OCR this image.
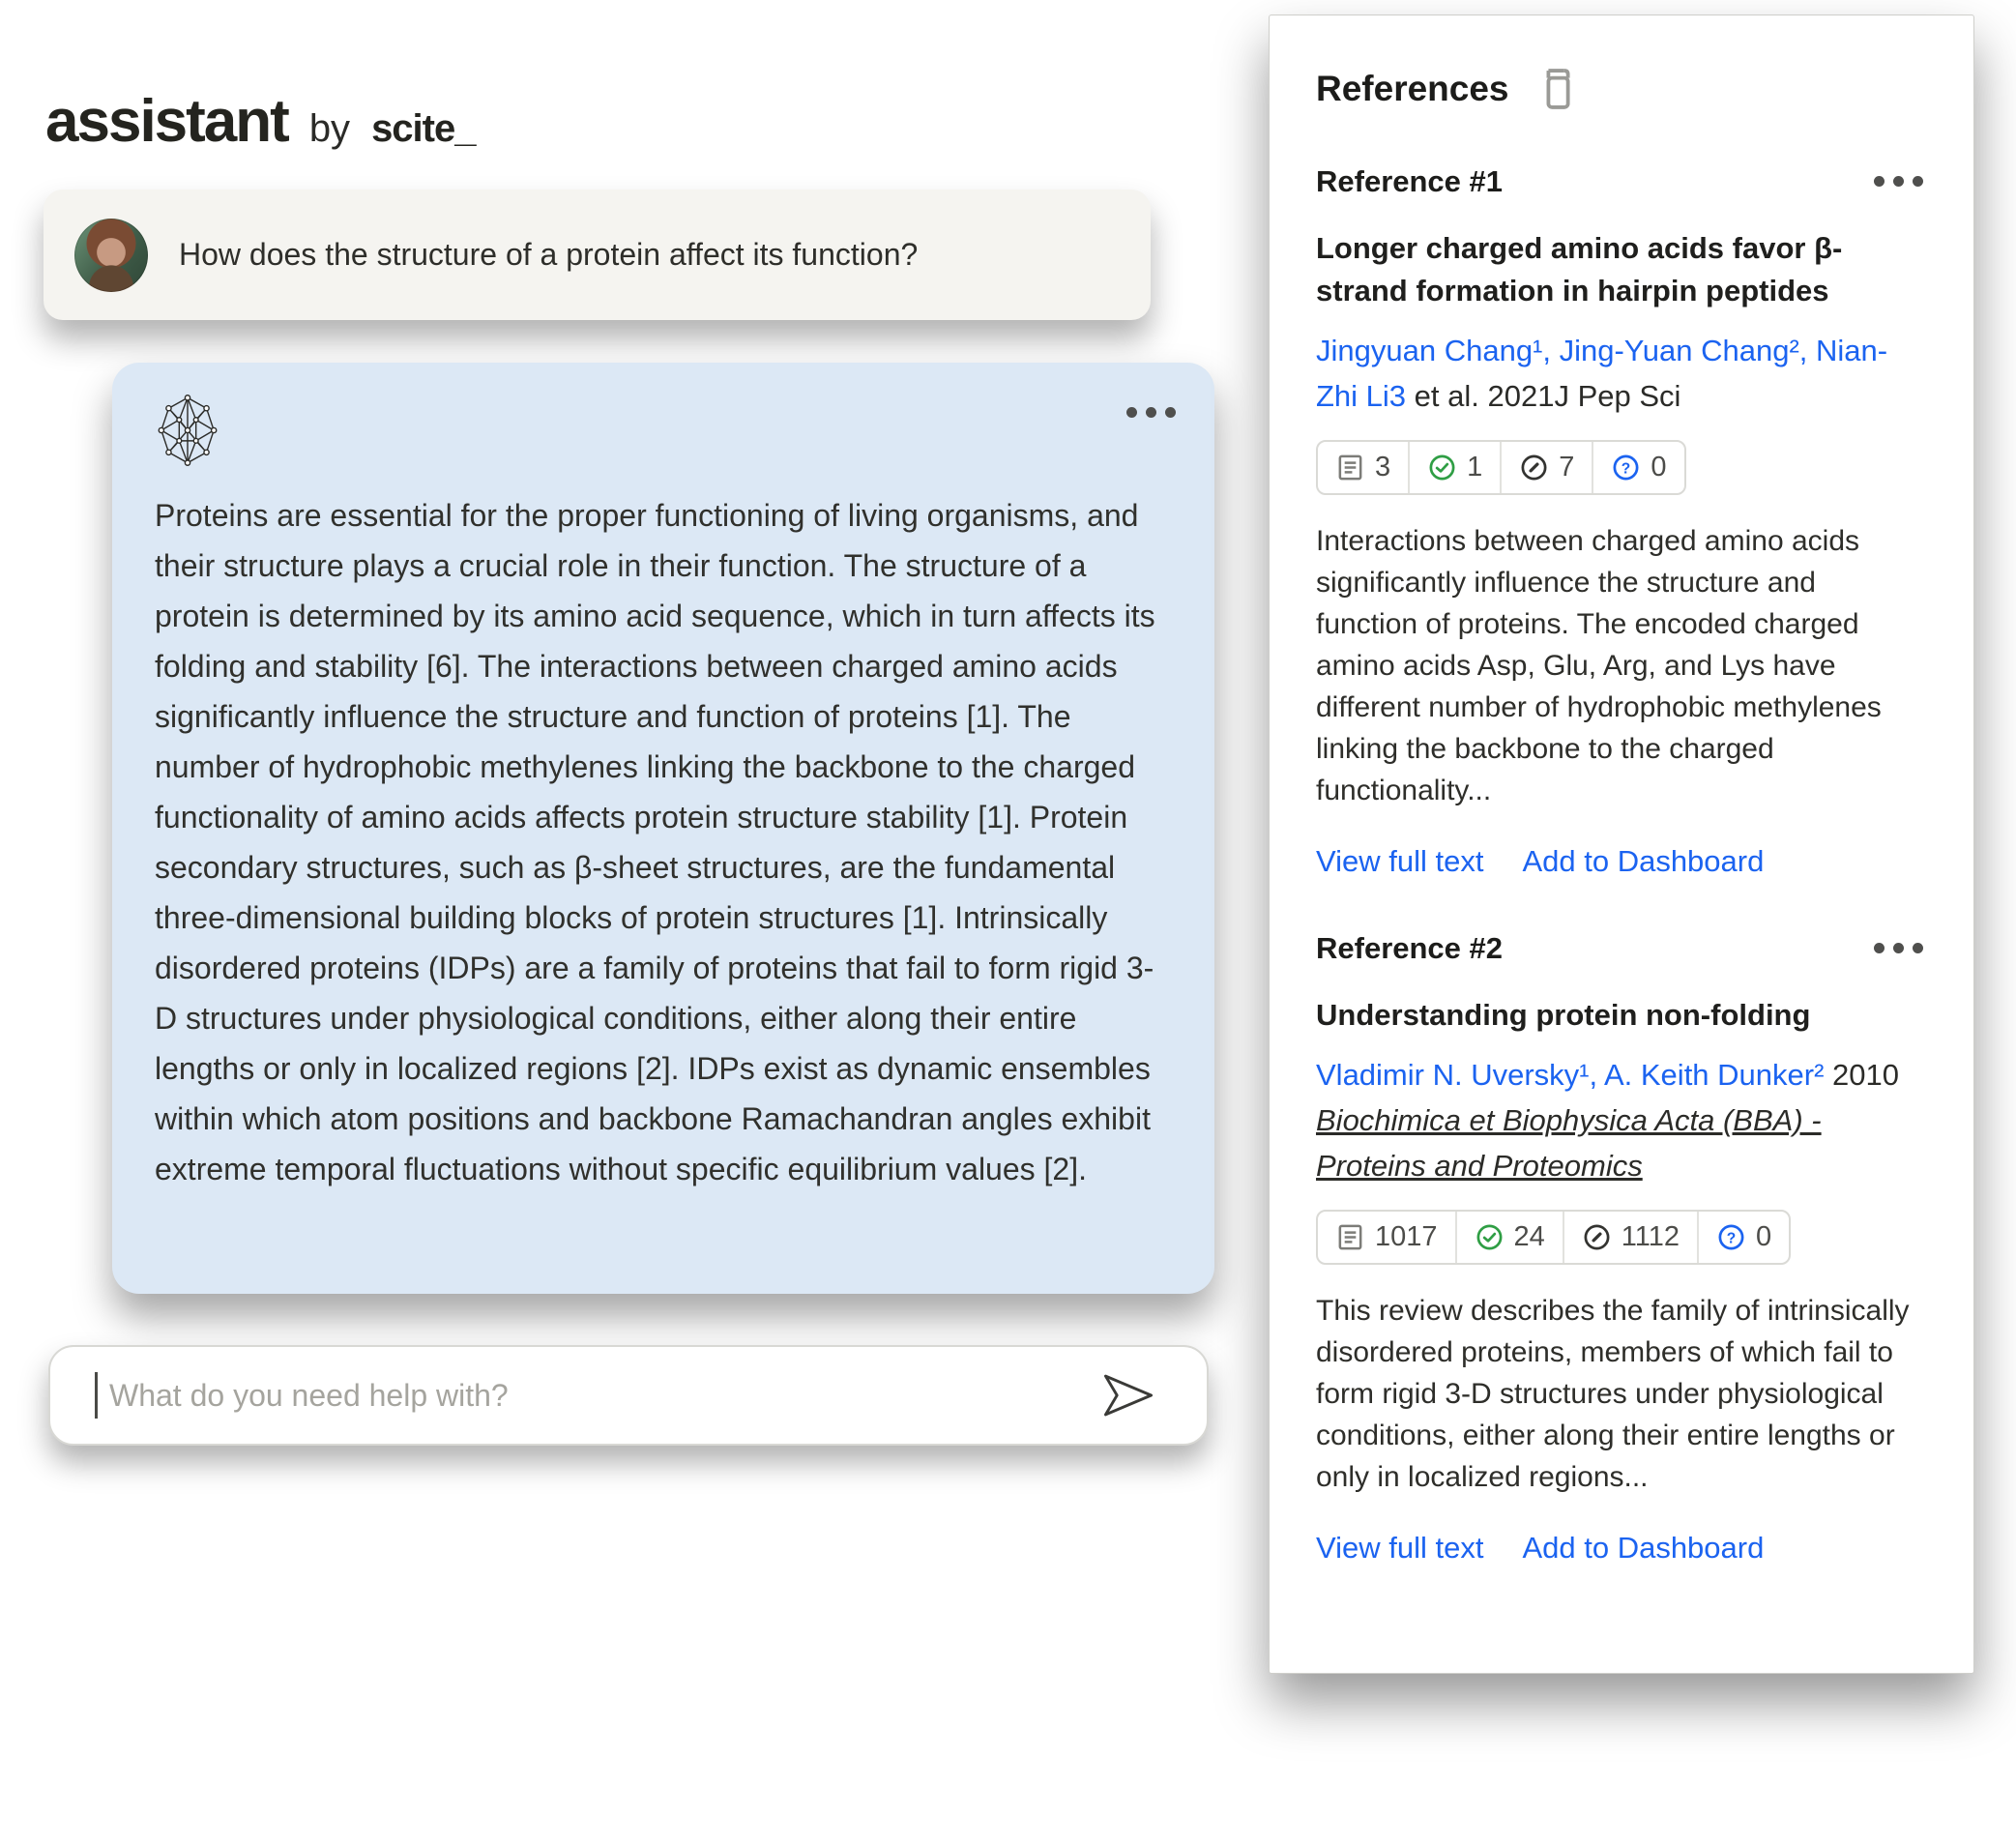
assistant by scite_
How does the structure of a protein affect its function?
Proteins are essential for the proper functioning of living organisms, and their structure plays a crucial role in their function. The structure of a protein is determined by its amino acid sequence, which in turn affects its folding and stability [6]. The interactions between charged amino acids significantly influence the structure and function of proteins [1]. The number of hydrophobic methylenes linking the backbone to the charged functionality of amino acids affects protein structure stability [1]. Protein secondary structures, such as β-sheet structures, are the fundamental three-dimensional building blocks of protein structures [1]. Intrinsically disordered proteins (IDPs) are a family of proteins that fail to form rigid 3-D structures under physiological conditions, either along their entire lengths or only in localized regions [2]. IDPs exist as dynamic ensembles within which atom positions and backbone Ramachandran angles exhibit extreme temporal fluctuations without specific equilibrium values [2].
What do you need help with?
References
Reference #1
Longer charged amino acids favor β-strand formation in hairpin peptides

Jingyuan Chang¹, Jing-Yuan Chang², Nian-Zhi Li3 et al. 2021J Pep Sci

3	1	7	? 0

Interactions between charged amino acids significantly influence the structure and function of proteins. The encoded charged amino acids Asp, Glu, Arg, and Lys have different number of hydrophobic methylenes linking the backbone to the charged functionality...

View full text Add to Dashboard
Reference #2
Understanding protein non-folding

Vladimir N. Uversky¹, A. Keith Dunker² 2010 Biochimica et Biophysica Acta (BBA) - Proteins and Proteomics

1017	24	1112	? 0

This review describes the family of intrinsically disordered proteins, members of which fail to form rigid 3-D structures under physiological conditions, either along their entire lengths or only in localized regions...

View full text Add to Dashboard
